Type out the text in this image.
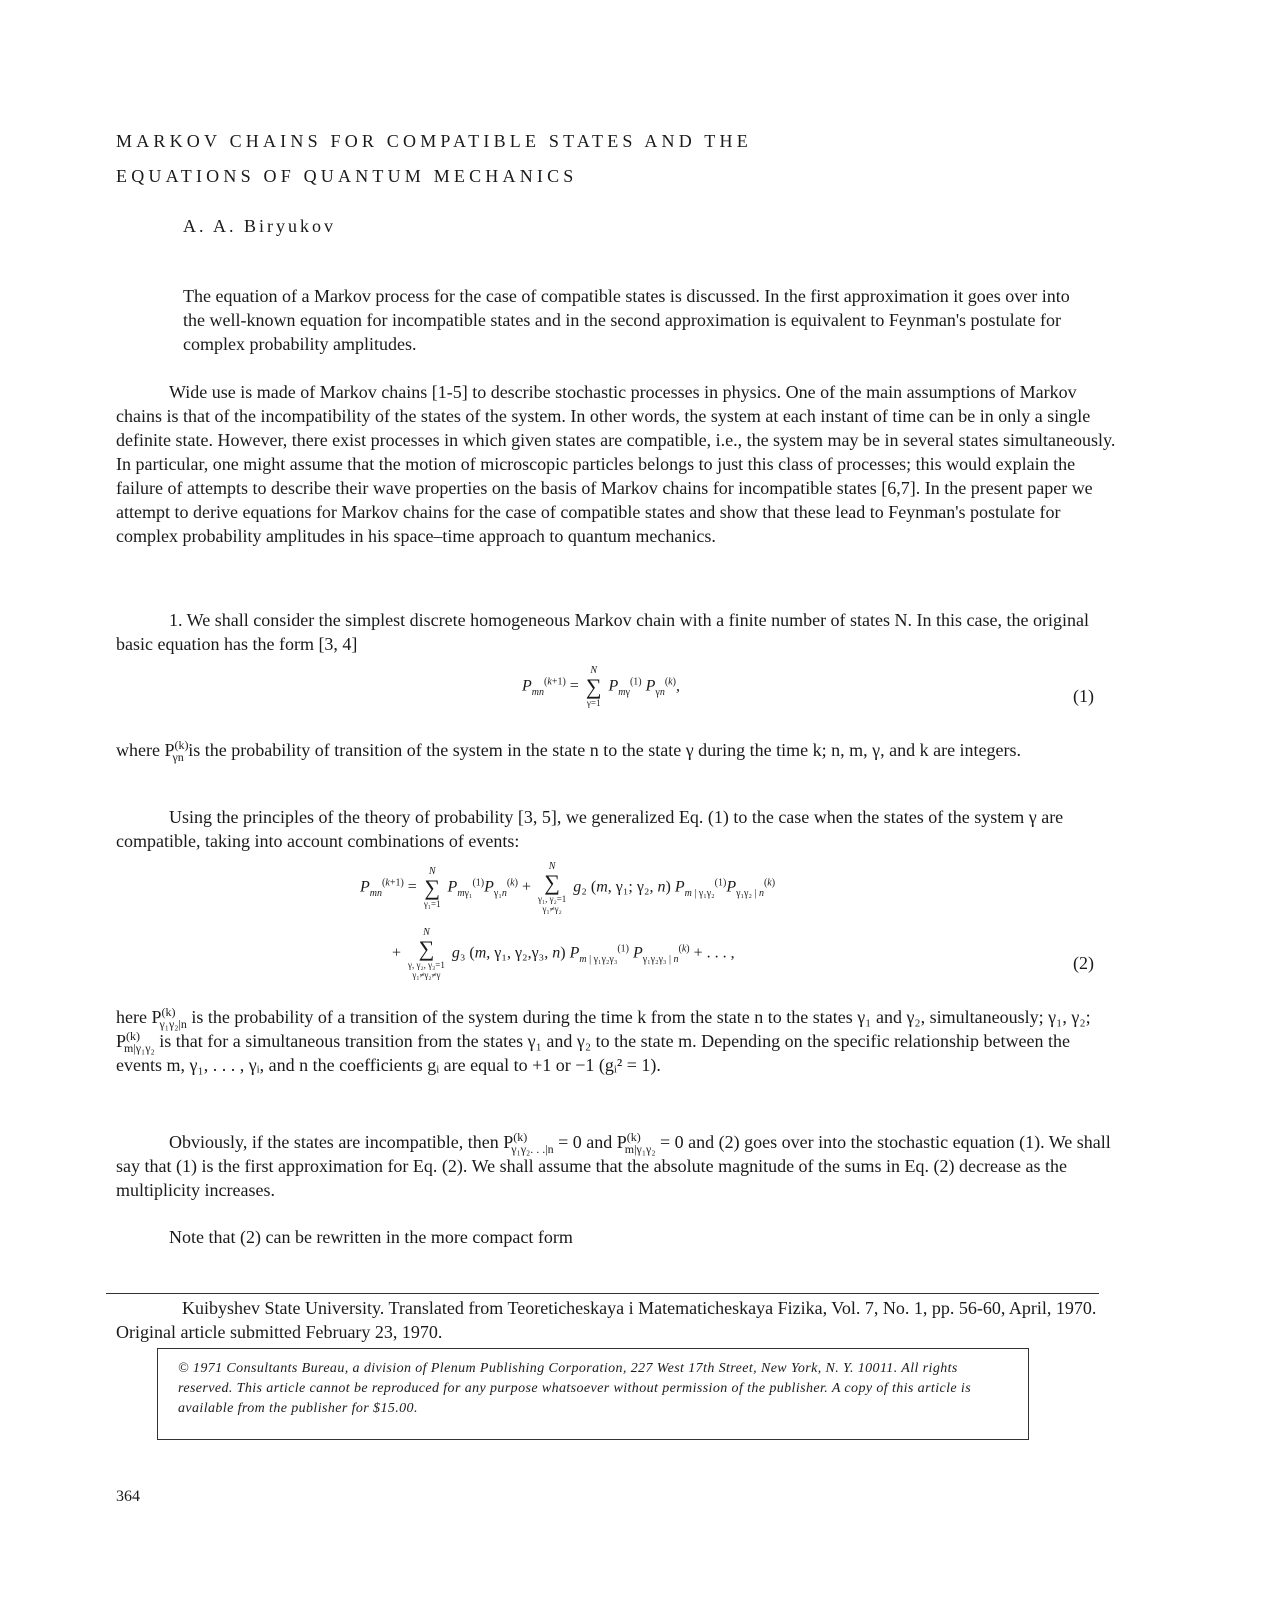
MARKOV CHAINS FOR COMPATIBLE STATES AND THE
EQUATIONS OF QUANTUM MECHANICS
A. A. Biryukov
The equation of a Markov process for the case of compatible states is discussed. In the first approximation it goes over into the well-known equation for incompatible states and in the second approximation is equivalent to Feynman's postulate for complex probability amplitudes.
Wide use is made of Markov chains [1-5] to describe stochastic processes in physics. One of the main assumptions of Markov chains is that of the incompatibility of the states of the system. In other words, the system at each instant of time can be in only a single definite state. However, there exist processes in which given states are compatible, i.e., the system may be in several states simultaneously. In particular, one might assume that the motion of microscopic particles belongs to just this class of processes; this would explain the failure of attempts to describe their wave properties on the basis of Markov chains for incompatible states [6,7]. In the present paper we attempt to derive equations for Markov chains for the case of compatible states and show that these lead to Feynman's postulate for complex probability amplitudes in his space–time approach to quantum mechanics.
1. We shall consider the simplest discrete homogeneous Markov chain with a finite number of states N. In this case, the original basic equation has the form [3, 4]
$P_{mn}^{(k+1)}$ =
N
∑
γ=1
$P_{m\gamma}^{(1)}$ $P_{\gamma n}^{(k)}$,	(1)
where $P^{(k)}_{\gamma n}$ is the probability of transition of the system in the state n to the state γ during the time k; n, m, γ, and k are integers.
Using the principles of the theory of probability [3, 5], we generalized Eq. (1) to the case when the states of the system γ are compatible, taking into account combinations of events:
$P_{mn}^{(k+1)}$ =
N
∑
γ₁=1
$P_{m\gamma_1}^{(1)}P_{\gamma_1n}^{(k)}$ +
N
∑
γ₁, γ₂=1
γ₁≠γ₂
g₂ (m, γ₁; γ₂, n) $P_{m | \gamma_1\gamma_2}^{(1)}P_{\gamma_1\gamma_2 | n}^{(k)}$
+
N
∑
γ, γ₂, γ₃=1
γ₁≠γ₂≠γ
g₃ (m, γ₁, γ₂,γ₃, n) $P_{m | \gamma_1\gamma_2\gamma_3}^{(1)}$ $P_{\gamma_1\gamma_2\gamma_3 | n}^{(k)}$ + . . . ,	(2)
here $P^{(k)}_{\gamma_1\gamma_2|n}$ is the probability of a transition of the system during the time k from the state n to the states γ₁ and γ₂, simultaneously; γ₁, γ₂; $P^{(k)}_{m|\gamma_1\gamma_2}$ is that for a simultaneous transition from the states γ₁ and γ₂ to the state m. Depending on the specific relationship between the events m, γ₁, . . . , γᵢ, and n the coefficients gᵢ are equal to +1 or −1 (gᵢ² = 1).
Obviously, if the states are incompatible, then $P^{(k)}_{\gamma_1\gamma_2. . .|n} = 0$ and $P^{(k)}_{m|\gamma_1\gamma_2} = 0$ and (2) goes over into the stochastic equation (1). We shall say that (1) is the first approximation for Eq. (2). We shall assume that the absolute magnitude of the sums in Eq. (2) decrease as the multiplicity increases.
Note that (2) can be rewritten in the more compact form
Kuibyshev State University. Translated from Teoreticheskaya i Matematicheskaya Fizika, Vol. 7, No. 1, pp. 56-60, April, 1970. Original article submitted February 23, 1970.
© 1971 Consultants Bureau, a division of Plenum Publishing Corporation, 227 West 17th Street, New York, N. Y. 10011. All rights reserved. This article cannot be reproduced for any purpose whatsoever without permission of the publisher. A copy of this article is available from the publisher for $15.00.
364
